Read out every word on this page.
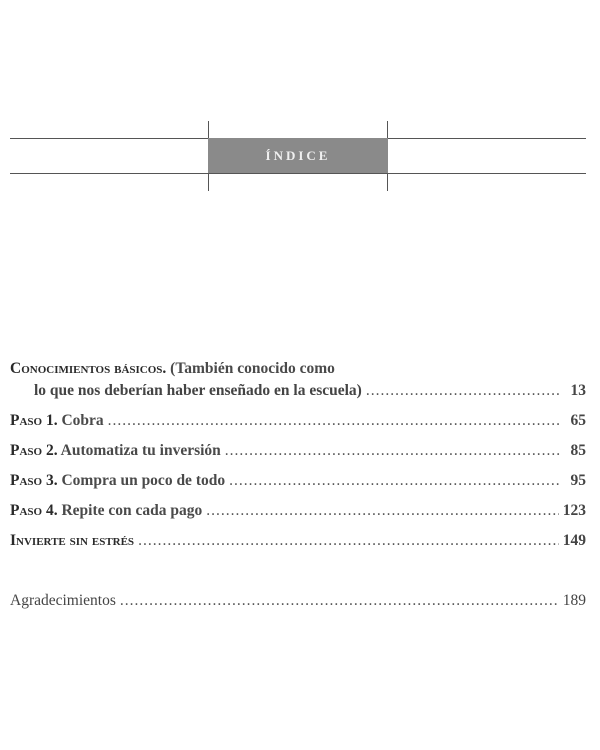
ÍNDICE
Conocimientos básicos. (También conocido como
lo que nos deberían haber enseñado en la escuela) .....	13
Paso 1. Cobra .....	65
Paso 2. Automatiza tu inversión .....	85
Paso 3. Compra un poco de todo .....	95
Paso 4. Repite con cada pago .....	123
Invierte sin estrés .....	149
Agradecimientos .....	189
